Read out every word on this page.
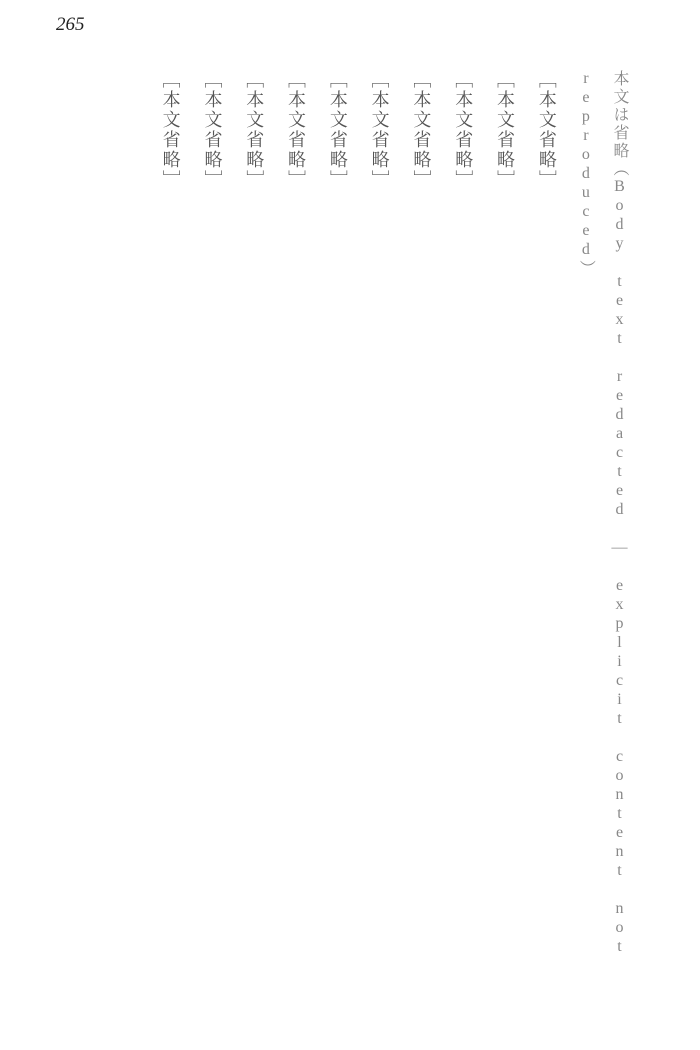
265

本文は省略（Body text redacted — explicit content not reproduced）

［本文省略］

［本文省略］

［本文省略］

［本文省略］

［本文省略］

［本文省略］

［本文省略］

［本文省略］

［本文省略］

［本文省略］
